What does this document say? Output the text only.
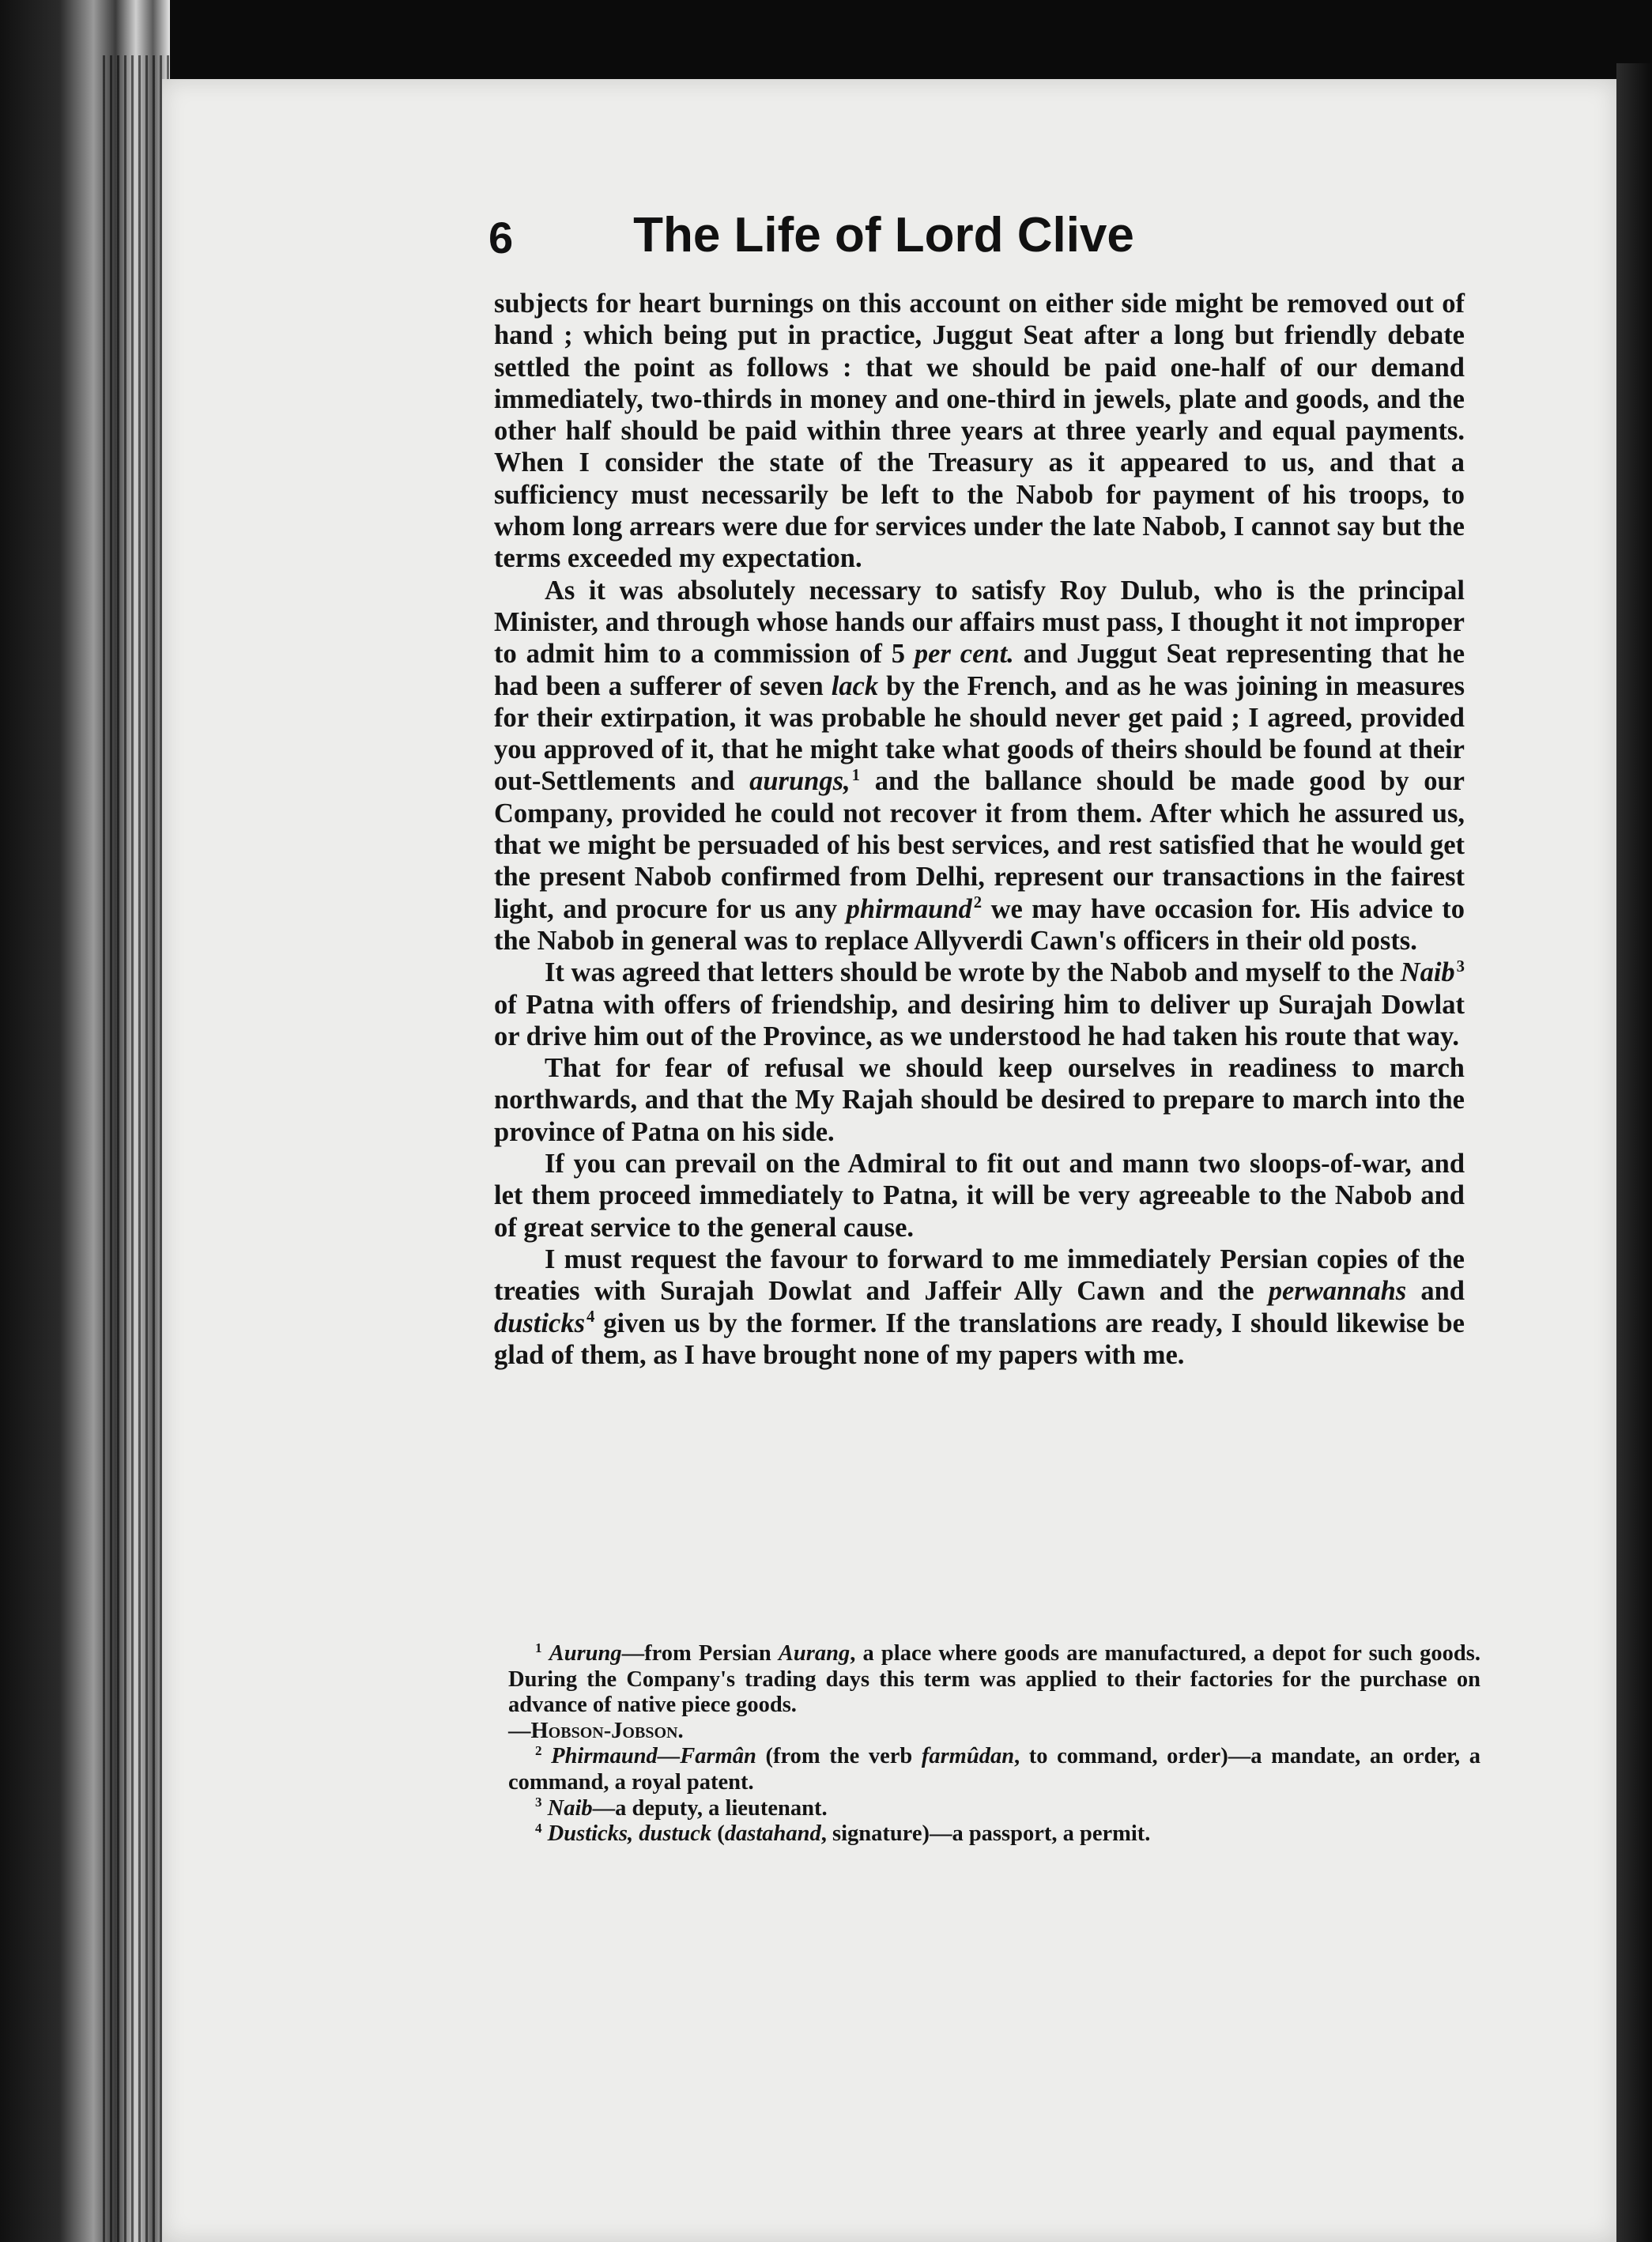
6	The Life of Lord Clive

subjects for heart burnings on this account on either side might be removed out of hand ; which being put in practice, Juggut Seat after a long but friendly debate settled the point as follows : that we should be paid one-half of our demand immediately, two-thirds in money and one-third in jewels, plate and goods, and the other half should be paid within three years at three yearly and equal payments. When I consider the state of the Treasury as it appeared to us, and that a sufficiency must necessarily be left to the Nabob for payment of his troops, to whom long arrears were due for services under the late Nabob, I cannot say but the terms exceeded my expectation.

As it was absolutely necessary to satisfy Roy Dulub, who is the principal Minister, and through whose hands our affairs must pass, I thought it not improper to admit him to a commission of 5 per cent. and Juggut Seat representing that he had been a sufferer of seven lack by the French, and as he was joining in measures for their extirpation, it was probable he should never get paid ; I agreed, provided you approved of it, that he might take what goods of theirs should be found at their out-Settlements and aurungs,$^1$ and the ballance should be made good by our Company, provided he could not recover it from them. After which he assured us, that we might be persuaded of his best services, and rest satisfied that he would get the present Nabob confirmed from Delhi, represent our transactions in the fairest light, and procure for us any phirmaund$^2$ we may have occasion for. His advice to the Nabob in general was to replace Allyverdi Cawn's officers in their old posts.

It was agreed that letters should be wrote by the Nabob and myself to the Naib$^3$ of Patna with offers of friendship, and desiring him to deliver up Surajah Dowlat or drive him out of the Province, as we understood he had taken his route that way.

That for fear of refusal we should keep ourselves in readiness to march northwards, and that the My Rajah should be desired to prepare to march into the province of Patna on his side.

If you can prevail on the Admiral to fit out and mann two sloops-of-war, and let them proceed immediately to Patna, it will be very agreeable to the Nabob and of great service to the general cause.

I must request the favour to forward to me immediately Persian copies of the treaties with Surajah Dowlat and Jaffeir Ally Cawn and the perwannahs and dusticks$^4$ given us by the former. If the translations are ready, I should likewise be glad of them, as I have brought none of my papers with me.

$^1$ Aurung—from Persian Aurang, a place where goods are manufactured, a depot for such goods. During the Company's trading days this term was applied to their factories for the purchase on advance of native piece goods.

—Hobson-Jobson.

$^2$ Phirmaund—Farmân (from the verb farmûdan, to command, order)—a mandate, an order, a command, a royal patent.

$^3$ Naib—a deputy, a lieutenant.

$^4$ Dusticks, dustuck (dastahand, signature)—a passport, a permit.
